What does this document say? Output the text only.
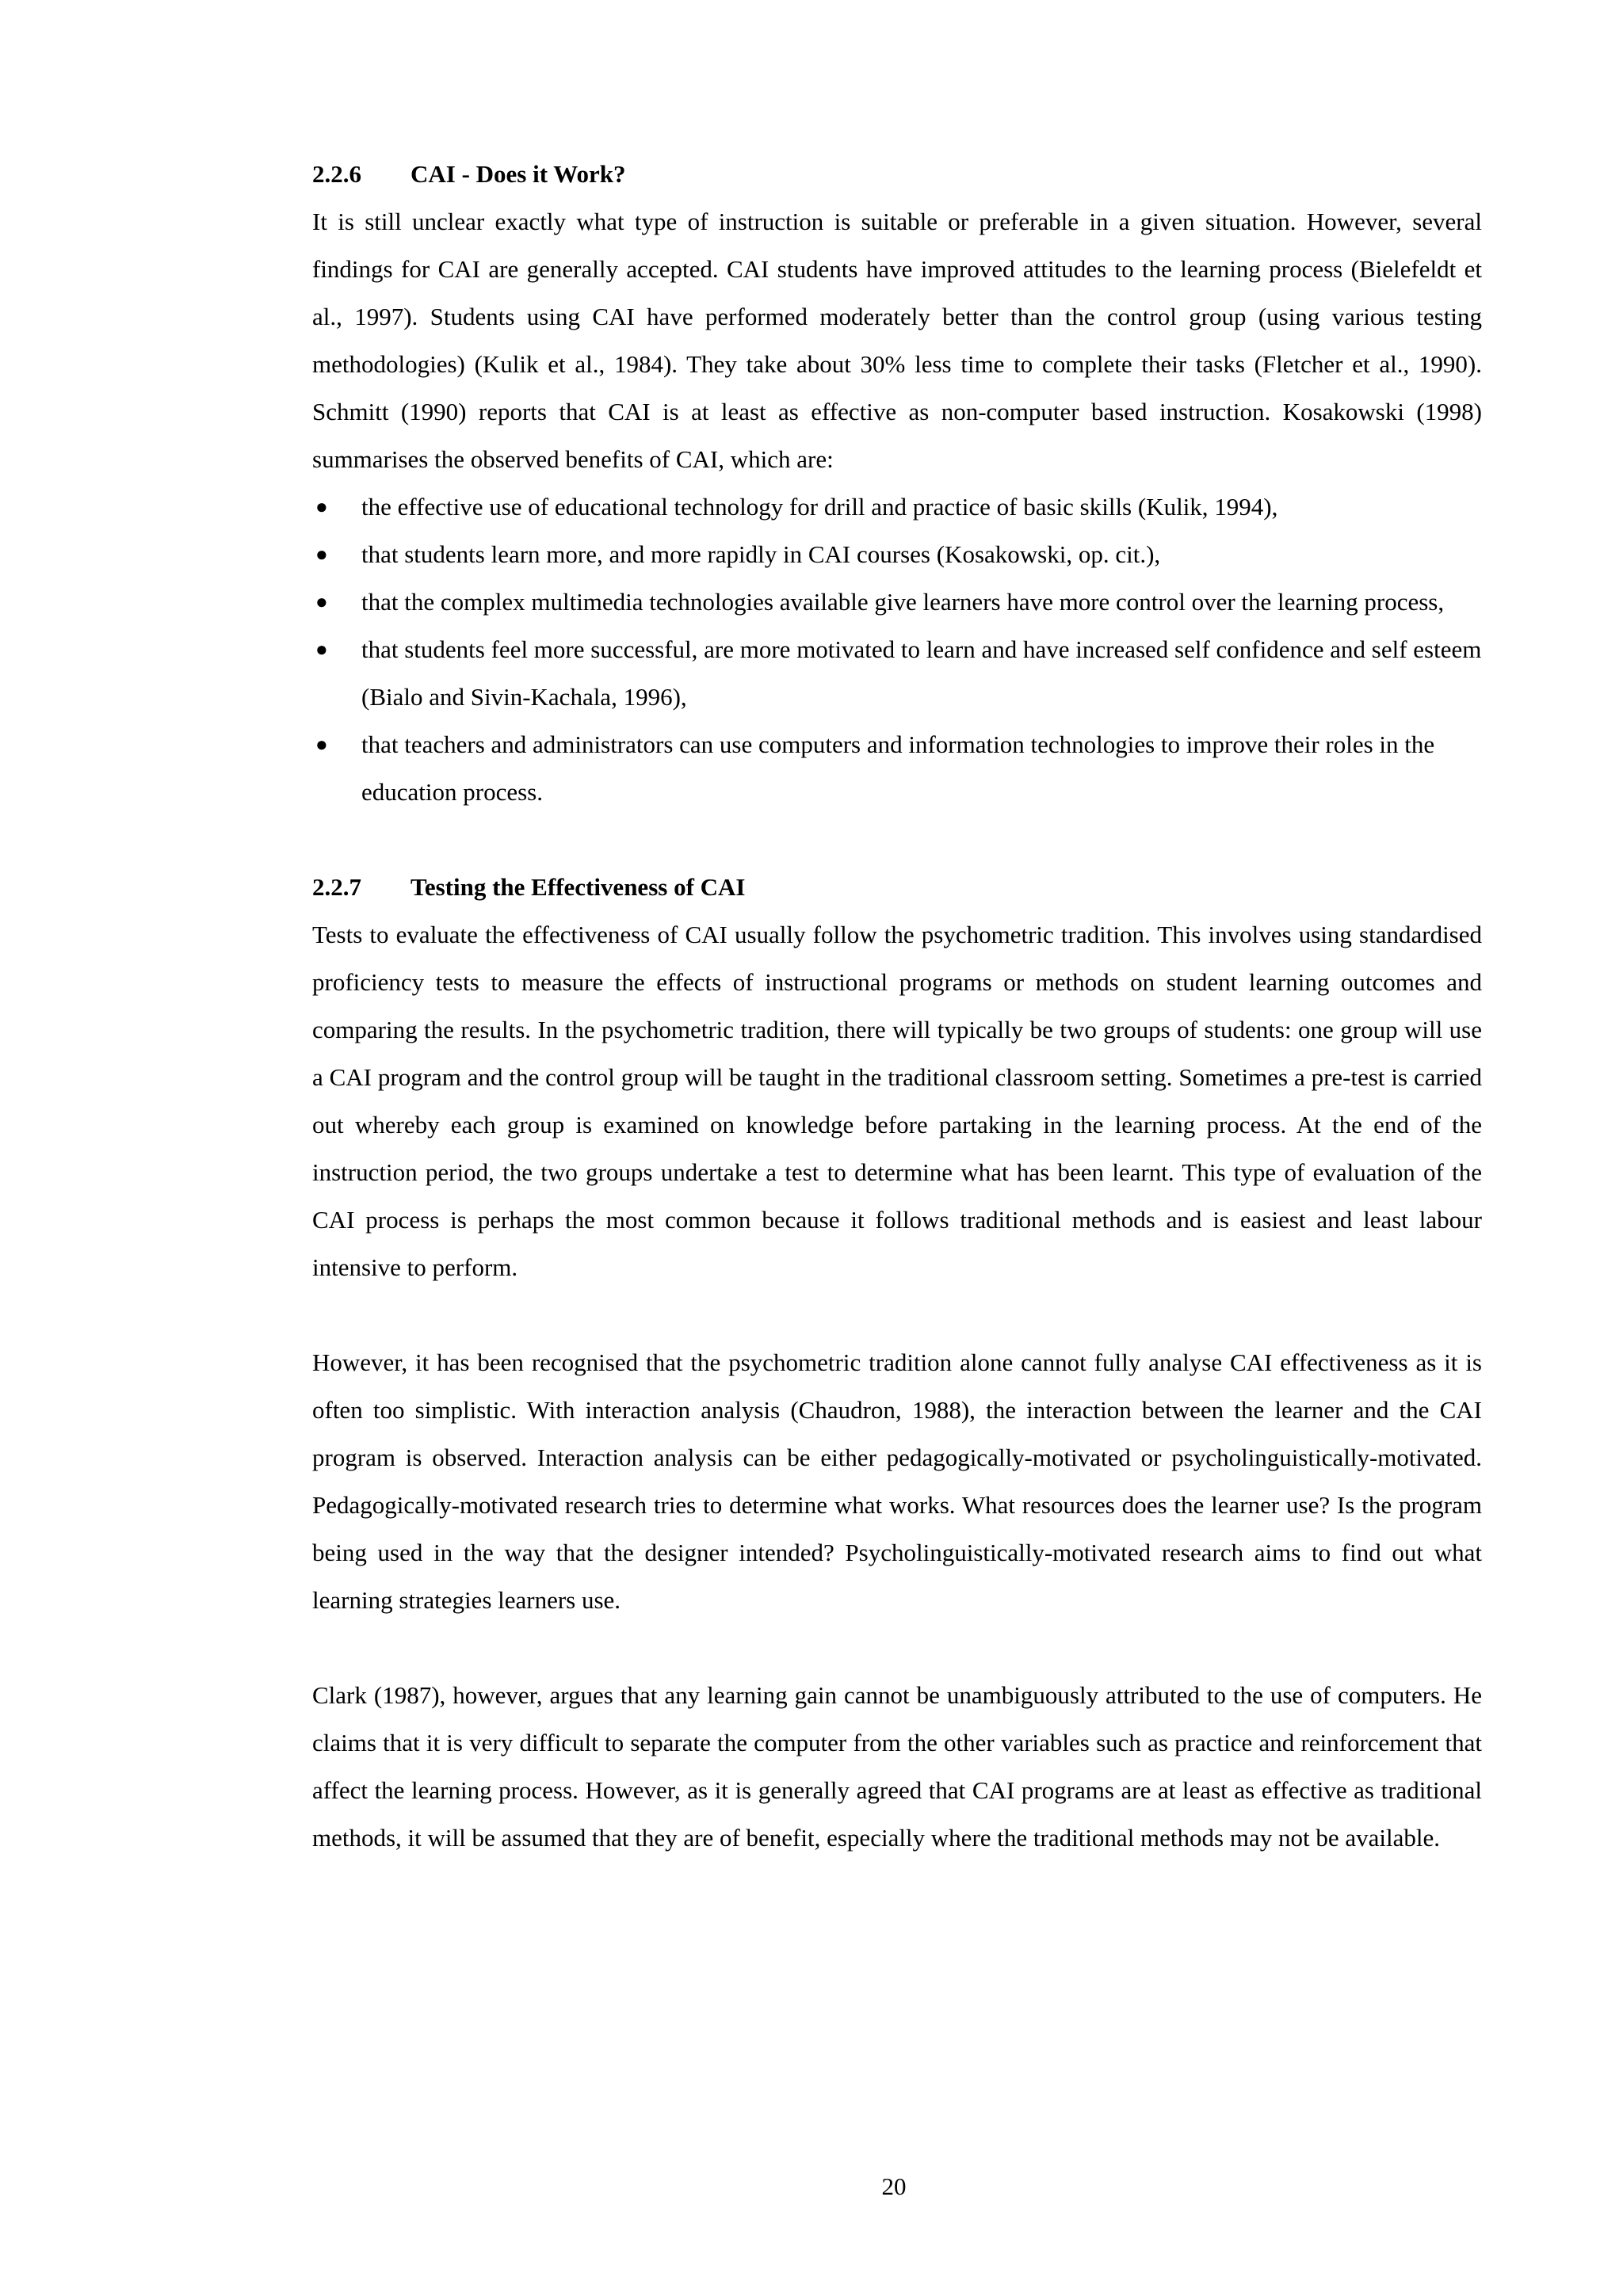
2.2.6 CAI - Does it Work?

It is still unclear exactly what type of instruction is suitable or preferable in a given situation. However, several findings for CAI are generally accepted. CAI students have improved attitudes to the learning process (Bielefeldt et al., 1997). Students using CAI have performed moderately better than the control group (using various testing methodologies) (Kulik et al., 1984). They take about 30% less time to complete their tasks (Fletcher et al., 1990). Schmitt (1990) reports that CAI is at least as effective as non-computer based instruction. Kosakowski (1998) summarises the observed benefits of CAI, which are:

● the effective use of educational technology for drill and practice of basic skills (Kulik, 1994),
● that students learn more, and more rapidly in CAI courses (Kosakowski, op. cit.),
● that the complex multimedia technologies available give learners have more control over the learning process,
● that students feel more successful, are more motivated to learn and have increased self confidence and self esteem (Bialo and Sivin-Kachala, 1996),
● that teachers and administrators can use computers and information technologies to improve their roles in the education process.
2.2.7 Testing the Effectiveness of CAI

Tests to evaluate the effectiveness of CAI usually follow the psychometric tradition. This involves using standardised proficiency tests to measure the effects of instructional programs or methods on student learning outcomes and comparing the results. In the psychometric tradition, there will typically be two groups of students: one group will use a CAI program and the control group will be taught in the traditional classroom setting. Sometimes a pre-test is carried out whereby each group is examined on knowledge before partaking in the learning process. At the end of the instruction period, the two groups undertake a test to determine what has been learnt. This type of evaluation of the CAI process is perhaps the most common because it follows traditional methods and is easiest and least labour intensive to perform.

However, it has been recognised that the psychometric tradition alone cannot fully analyse CAI effectiveness as it is often too simplistic. With interaction analysis (Chaudron, 1988), the interaction between the learner and the CAI program is observed. Interaction analysis can be either pedagogically-motivated or psycholinguistically-motivated. Pedagogically-motivated research tries to determine what works. What resources does the learner use? Is the program being used in the way that the designer intended? Psycholinguistically-motivated research aims to find out what learning strategies learners use.

Clark (1987), however, argues that any learning gain cannot be unambiguously attributed to the use of computers. He claims that it is very difficult to separate the computer from the other variables such as practice and reinforcement that affect the learning process. However, as it is generally agreed that CAI programs are at least as effective as traditional methods, it will be assumed that they are of benefit, especially where the traditional methods may not be available.

20
